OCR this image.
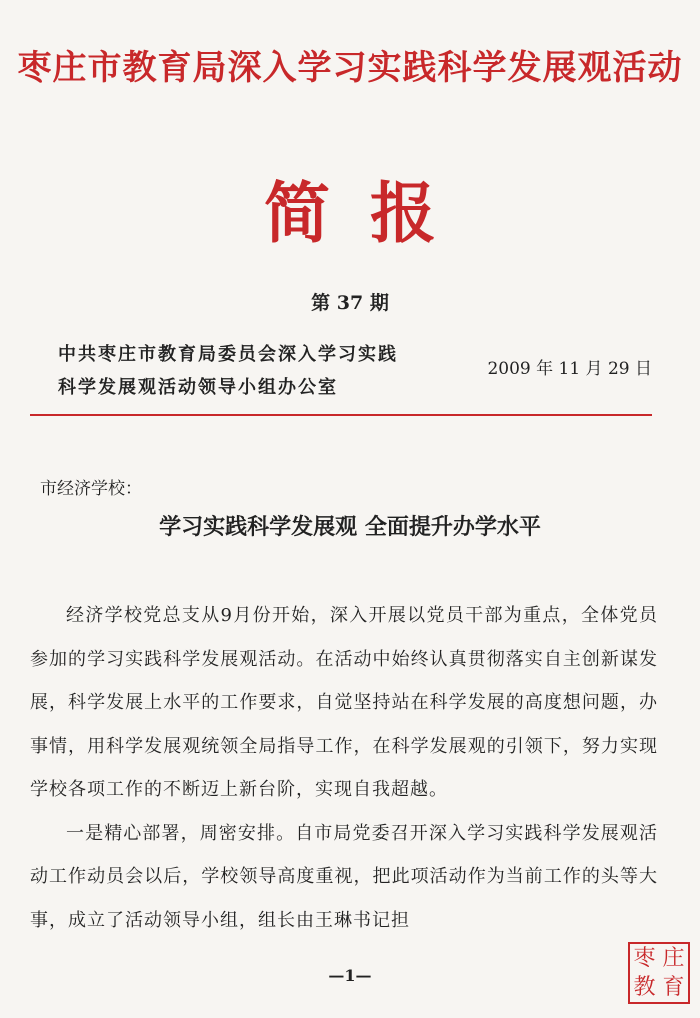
枣庄市教育局深入学习实践科学发展观活动
简报
第 37 期
中共枣庄市教育局委员会深入学习实践
科学发展观活动领导小组办公室
2009 年 11 月 29 日
市经济学校：
学习实践科学发展观 全面提升办学水平

经济学校党总支从9月份开始，深入开展以党员干部为重点，全体党员参加的学习实践科学发展观活动。在活动中始终认真贯彻落实自主创新谋发展，科学发展上水平的工作要求，自觉坚持站在科学发展的高度想问题，办事情，用科学发展观统领全局指导工作，在科学发展观的引领下，努力实现学校各项工作的不断迈上新台阶，实现自我超越。

一是精心部署，周密安排。自市局党委召开深入学习实践科学发展观活动工作动员会以后，学校领导高度重视，把此项活动作为当前工作的头等大事，成立了活动领导小组，组长由王琳书记担

—1—
枣 庄
教 育
